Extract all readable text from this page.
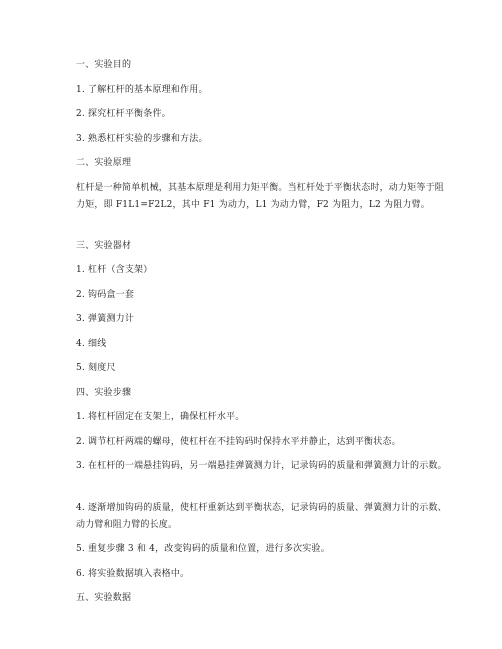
一、实验目的
1. 了解杠杆的基本原理和作用。
2. 探究杠杆平衡条件。
3. 熟悉杠杆实验的步骤和方法。
二、实验原理
杠杆是一种简单机械，其基本原理是利用力矩平衡。当杠杆处于平衡状态时，动力矩等于阻力矩，即 F1L1=F2L2，其中 F1 为动力，L1 为动力臂，F2 为阻力，L2 为阻力臂。
三、实验器材
1. 杠杆（含支架）
2. 钩码盒一套
3. 弹簧测力计
4. 细线
5. 刻度尺
四、实验步骤
1. 将杠杆固定在支架上，确保杠杆水平。
2. 调节杠杆两端的螺母，使杠杆在不挂钩码时保持水平并静止，达到平衡状态。
3. 在杠杆的一端悬挂钩码，另一端悬挂弹簧测力计，记录钩码的质量和弹簧测力计的示数。
4. 逐渐增加钩码的质量，使杠杆重新达到平衡状态，记录钩码的质量、弹簧测力计的示数、动力臂和阻力臂的长度。
5. 重复步骤 3 和 4，改变钩码的质量和位置，进行多次实验。
6. 将实验数据填入表格中。
五、实验数据
